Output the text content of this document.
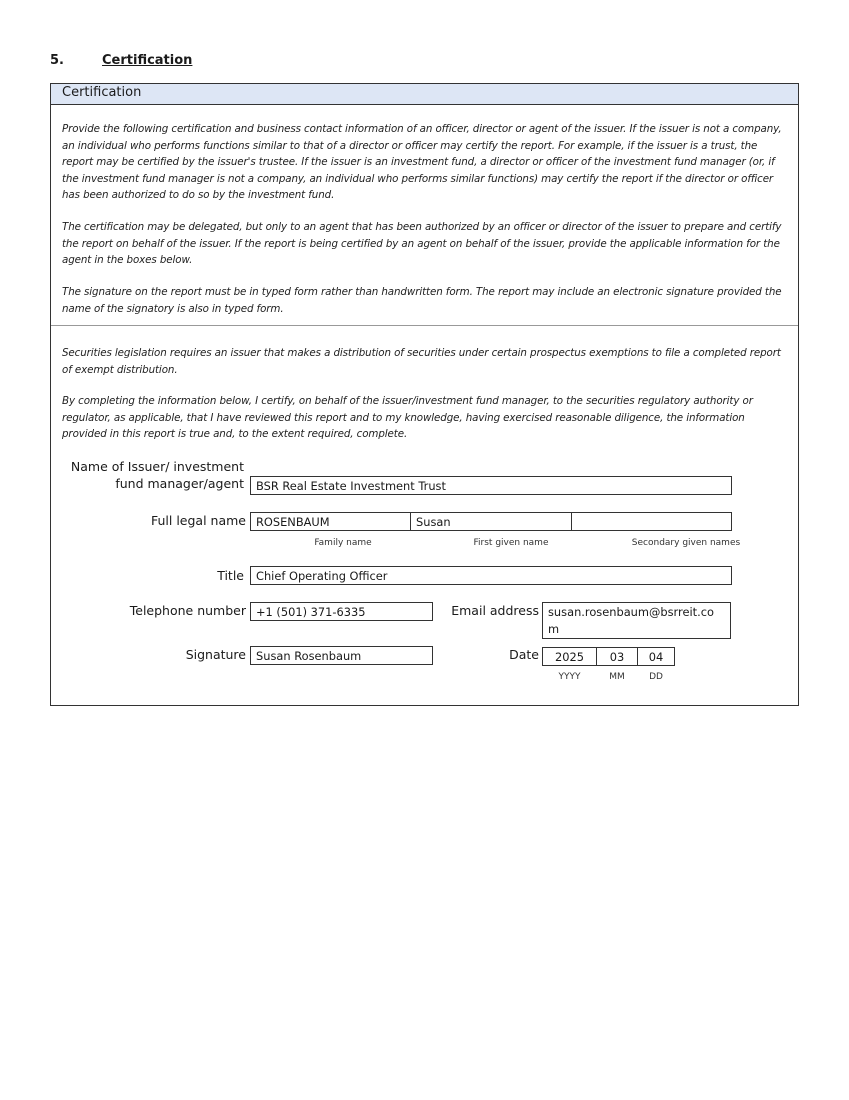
5.	Certification
Certification
Provide the following certification and business contact information of an officer, director or agent of the issuer. If the issuer is not a company, an individual who performs functions similar to that of a director or officer may certify the report. For example, if the issuer is a trust, the report may be certified by the issuer's trustee. If the issuer is an investment fund, a director or officer of the investment fund manager (or, if the investment fund manager is not a company, an individual who performs similar functions) may certify the report if the director or officer has been authorized to do so by the investment fund.
The certification may be delegated, but only to an agent that has been authorized by an officer or director of the issuer to prepare and certify the report on behalf of the issuer. If the report is being certified by an agent on behalf of the issuer, provide the applicable information for the agent in the boxes below.
The signature on the report must be in typed form rather than handwritten form. The report may include an electronic signature provided the name of the signatory is also in typed form.
Securities legislation requires an issuer that makes a distribution of securities under certain prospectus exemptions to file a completed report of exempt distribution.
By completing the information below, I certify, on behalf of the issuer/investment fund manager, to the securities regulatory authority or regulator, as applicable, that I have reviewed this report and to my knowledge, having exercised reasonable diligence, the information provided in this report is true and, to the extent required, complete.
Name of Issuer/ investment
fund manager/agent	BSR Real Estate Investment Trust
Full legal name ROSENBAUM	Susan
Family name	First given name	Secondary given names
Title	Chief Operating Officer
Telephone number +1 (501) 371-6335	Email address susan.rosenbaum@bsrreit.co
m
Signature Susan Rosenbaum	Date	2025	03	04
YYYY	MM	DD
